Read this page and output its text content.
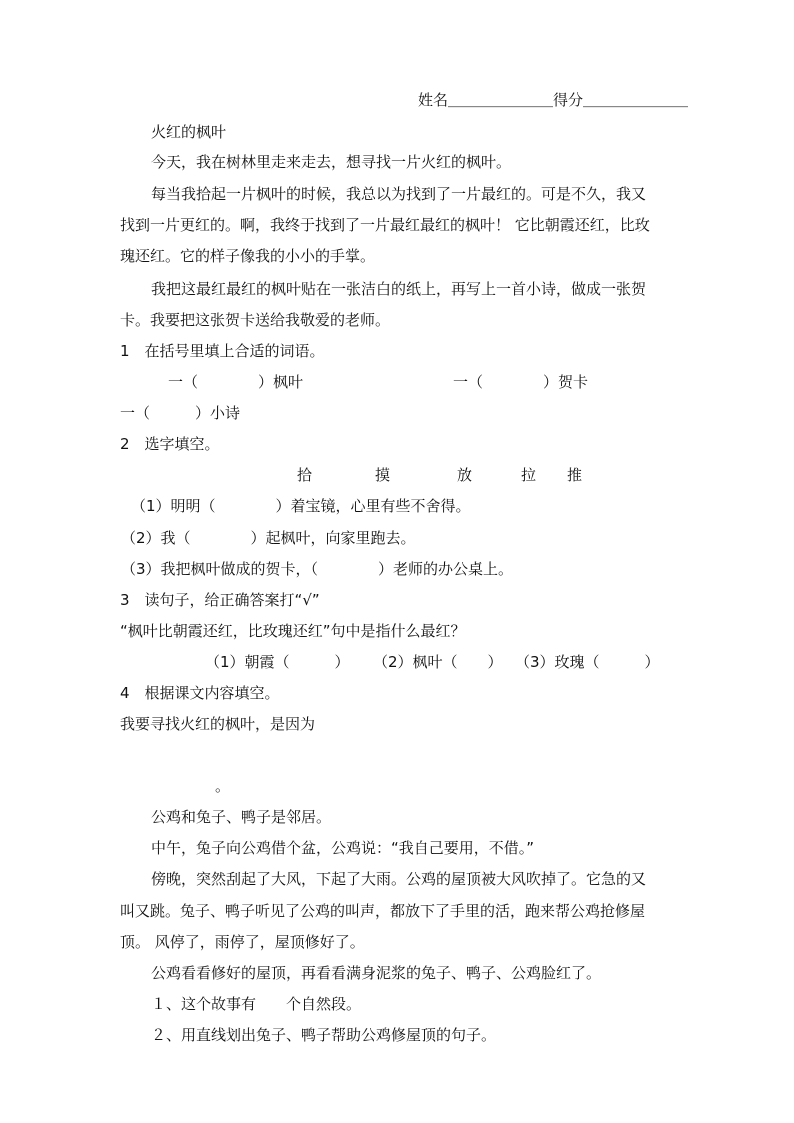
姓名＿＿＿＿＿＿＿得分＿＿＿＿＿＿＿
火红的枫叶
今天，我在树林里走来走去，想寻找一片火红的枫叶。
每当我拾起一片枫叶的时候，我总以为找到了一片最红的。可是不久，我又
找到一片更红的。啊，我终于找到了一片最红最红的枫叶！ 它比朝霞还红，比玫
瑰还红。它的样子像我的小小的手掌。
我把这最红最红的枫叶贴在一张洁白的纸上，再写上一首小诗，做成一张贺
卡。我要把这张贺卡送给我敬爱的老师。
1　在括号里填上合适的词语。
一（　　　　）枫叶	一（　　　　）贺卡
一（　　　）小诗
2　选字填空。
拾	摸	放	拉 推
（1）明明（　　　　）着宝镜，心里有些不舍得。
（2）我（　　　　）起枫叶，向家里跑去。
（3）我把枫叶做成的贺卡，（　　　　）老师的办公桌上。
3　读句子，给正确答案打“√”
“枫叶比朝霞还红，比玫瑰还红”句中是指什么最红？
（1）朝霞（　　　） （2）枫叶（　　） （3）玫瑰（　　　）
4　根据课文内容填空。
我要寻找火红的枫叶，是因为
。
公鸡和兔子、鸭子是邻居。
中午，兔子向公鸡借个盆，公鸡说：“我自己要用，不借。”
傍晚，突然刮起了大风，下起了大雨。公鸡的屋顶被大风吹掉了。它急的又
叫又跳。兔子、鸭子听见了公鸡的叫声，都放下了手里的活，跑来帮公鸡抢修屋
顶。 风停了，雨停了，屋顶修好了。
公鸡看看修好的屋顶，再看看满身泥浆的兔子、鸭子、公鸡脸红了。
１、这个故事有　　个自然段。
２、用直线划出兔子、鸭子帮助公鸡修屋顶的句子。
